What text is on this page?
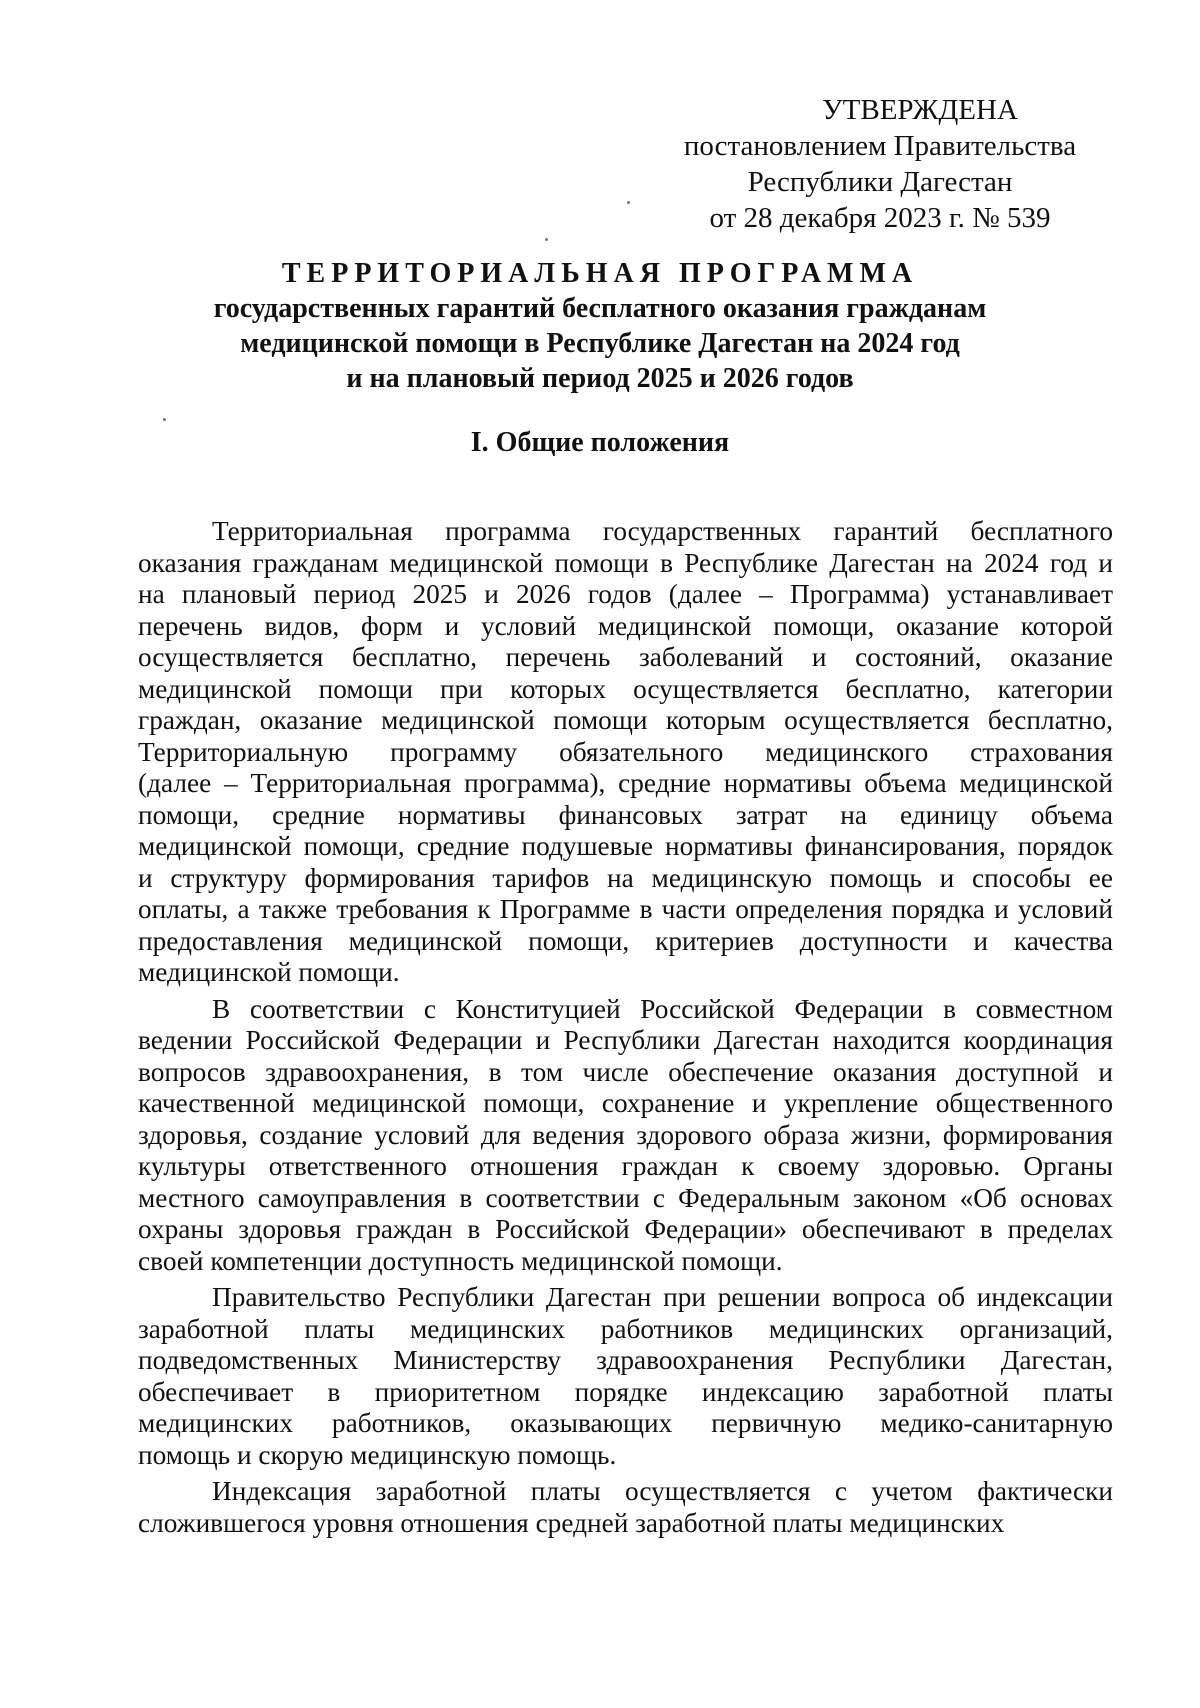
УТВЕРЖДЕНА
постановлением Правительства
Республики Дагестан
от 28 декабря 2023 г. № 539
ТЕРРИТОРИАЛЬНАЯ ПРОГРАММА
государственных гарантий бесплатного оказания гражданам
медицинской помощи в Республике Дагестан на 2024 год
и на плановый период 2025 и 2026 годов
I. Общие положения
Территориальная программа государственных гарантий бесплатного
оказания гражданам медицинской помощи в Республике Дагестан на 2024 год и
на плановый период 2025 и 2026 годов (далее – Программа) устанавливает
перечень видов, форм и условий медицинской помощи, оказание которой
осуществляется бесплатно, перечень заболеваний и состояний, оказание
медицинской помощи при которых осуществляется бесплатно, категории
граждан, оказание медицинской помощи которым осуществляется бесплатно,
Территориальную программу обязательного медицинского страхования
(далее – Территориальная программа), средние нормативы объема медицинской
помощи, средние нормативы финансовых затрат на единицу объема
медицинской помощи, средние подушевые нормативы финансирования, порядок
и структуру формирования тарифов на медицинскую помощь и способы ее
оплаты, а также требования к Программе в части определения порядка и условий
предоставления медицинской помощи, критериев доступности и качества
медицинской помощи.
В соответствии с Конституцией Российской Федерации в совместном
ведении Российской Федерации и Республики Дагестан находится координация
вопросов здравоохранения, в том числе обеспечение оказания доступной и
качественной медицинской помощи, сохранение и укрепление общественного
здоровья, создание условий для ведения здорового образа жизни, формирования
культуры ответственного отношения граждан к своему здоровью. Органы
местного самоуправления в соответствии с Федеральным законом «Об основах
охраны здоровья граждан в Российской Федерации» обеспечивают в пределах
своей компетенции доступность медицинской помощи.
Правительство Республики Дагестан при решении вопроса об индексации
заработной платы медицинских работников медицинских организаций,
подведомственных Министерству здравоохранения Республики Дагестан,
обеспечивает в приоритетном порядке индексацию заработной платы
медицинских работников, оказывающих первичную медико-санитарную
помощь и скорую медицинскую помощь.
Индексация заработной платы осуществляется с учетом фактически
сложившегося уровня отношения средней заработной платы медицинских
